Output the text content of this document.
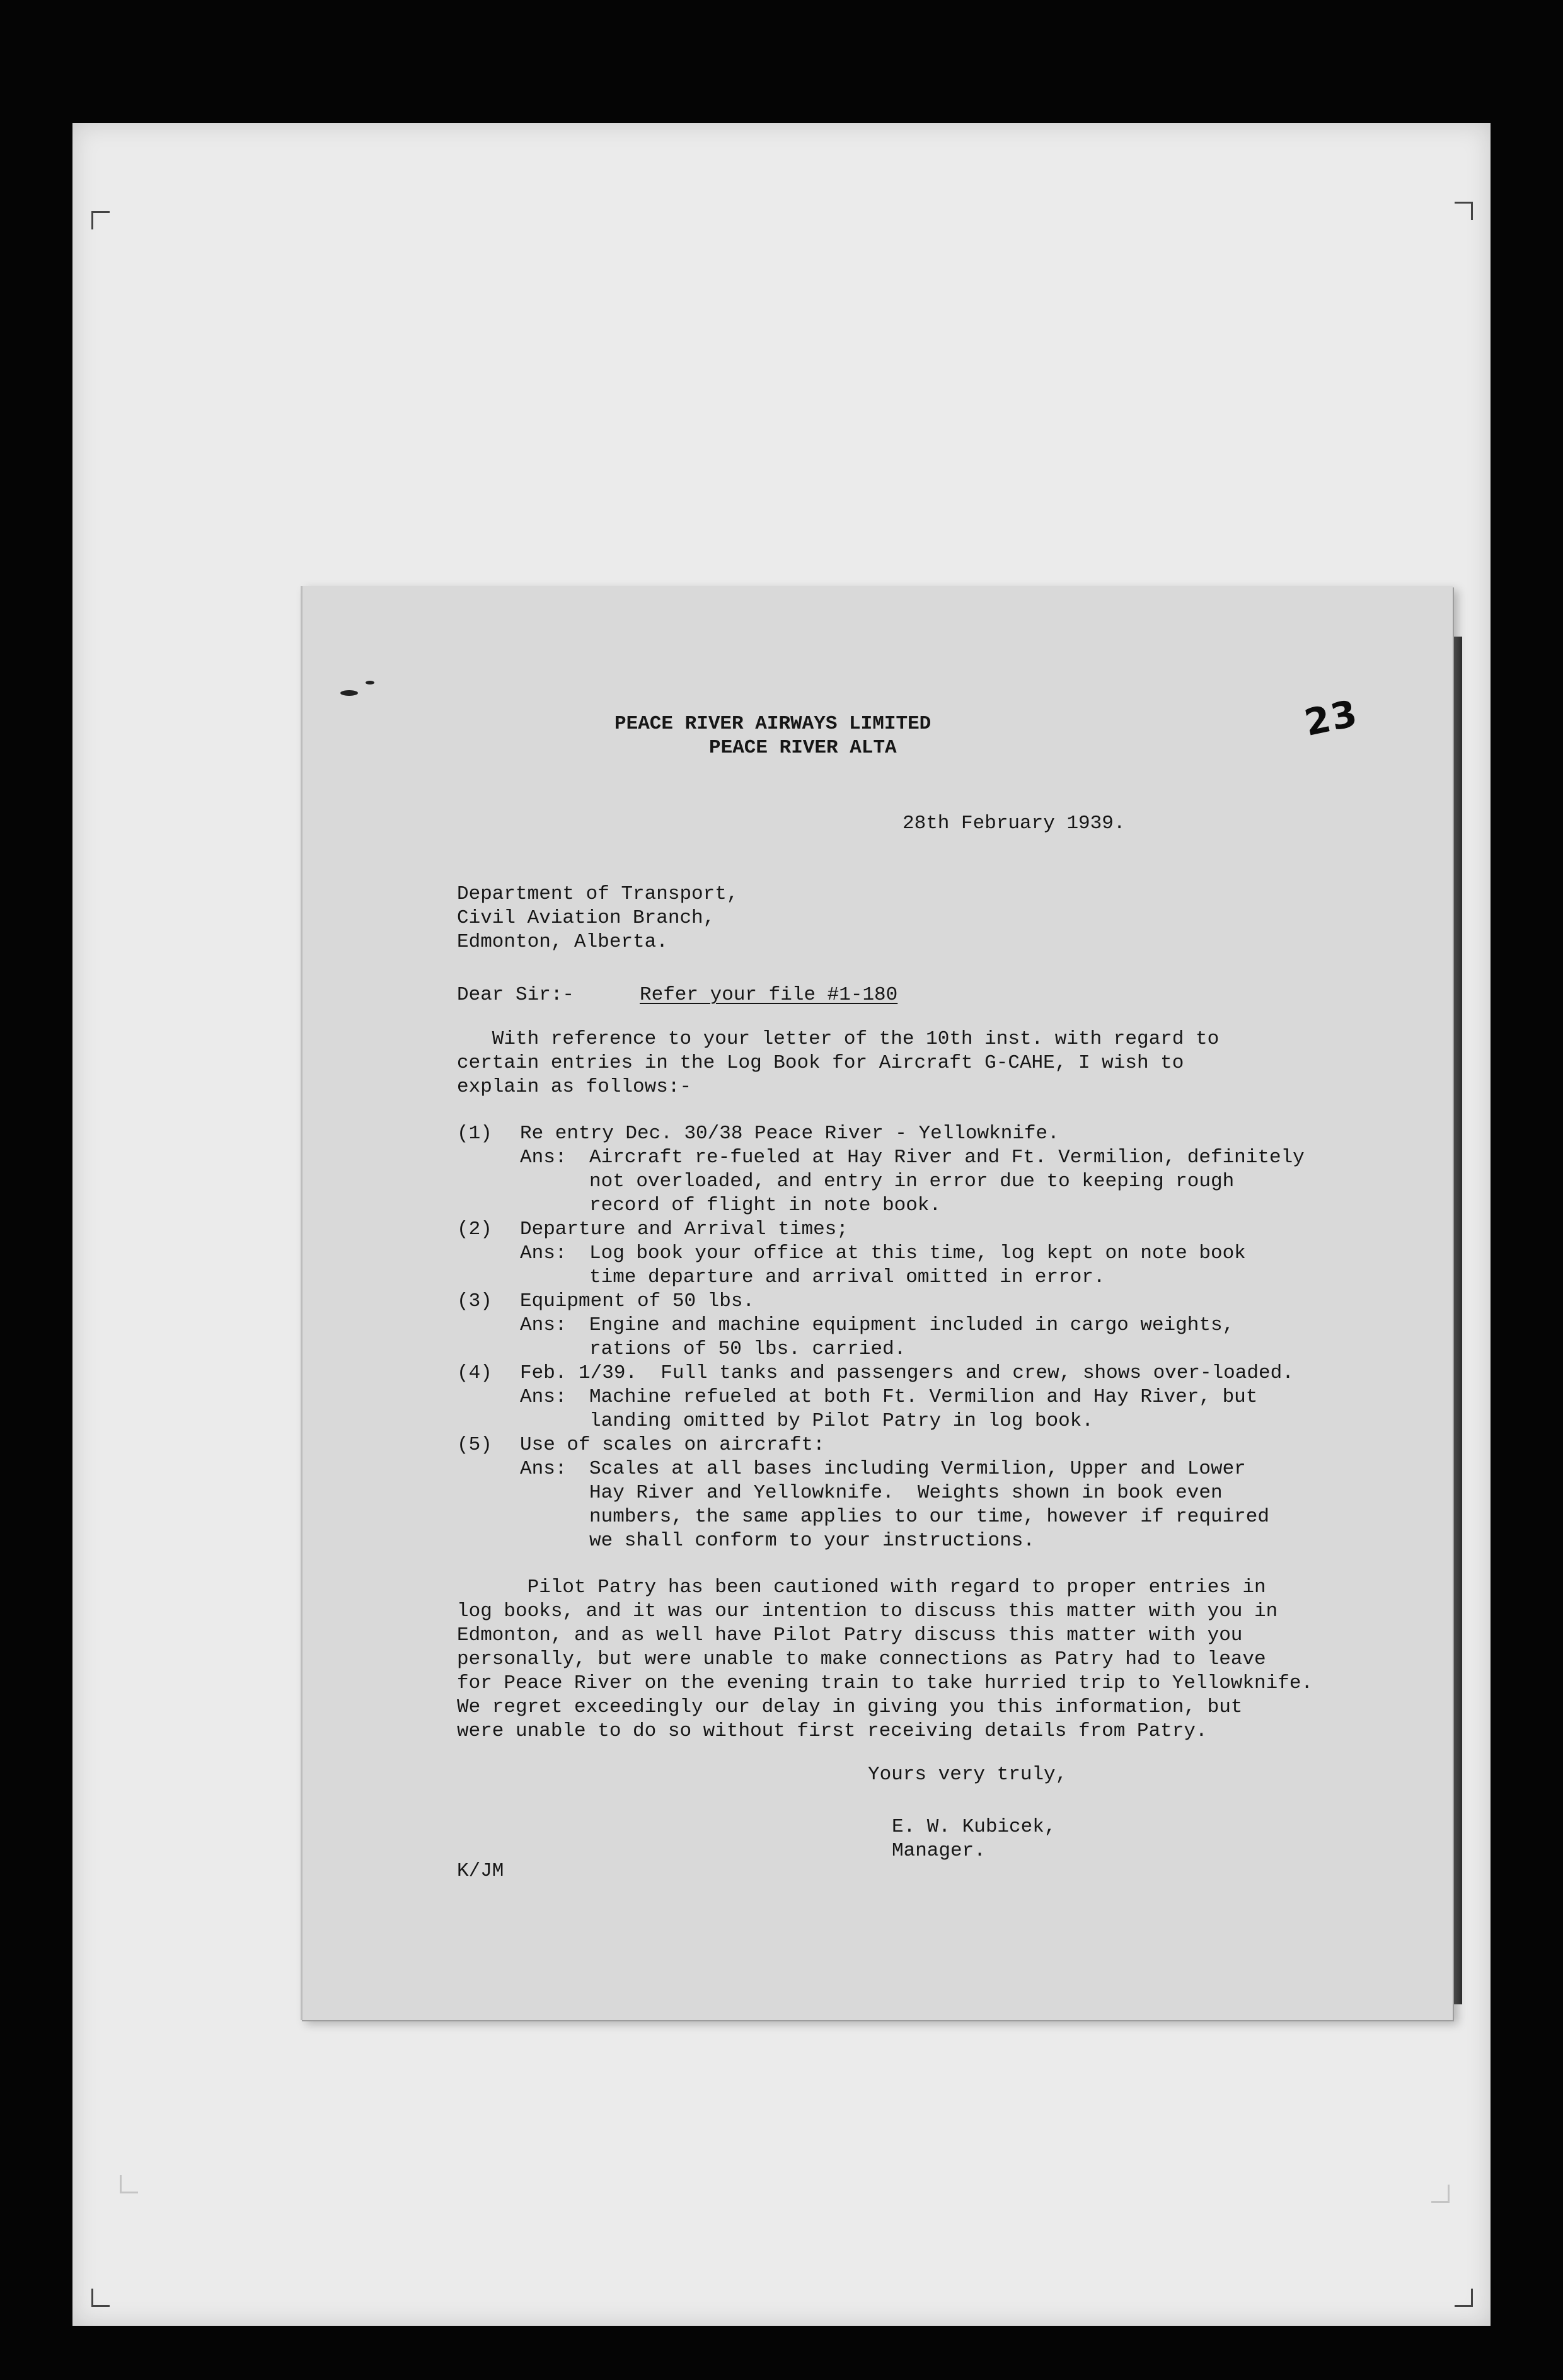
PEACE RIVER AIRWAYS LIMITED
PEACE RIVER ALTA
23
28th February 1939.
Department of Transport,
Civil Aviation Branch,
Edmonton, Alberta.
Dear Sir:-	Refer your file #1-180
With reference to your letter of the 10th inst. with regard to
certain entries in the Log Book for Aircraft G-CAHE, I wish to
explain as follows:-
(1) Re entry Dec. 30/38 Peace River - Yellowknife.
Ans: Aircraft re-fueled at Hay River and Ft. Vermilion, definitely
not overloaded, and entry in error due to keeping rough
record of flight in note book.
(2) Departure and Arrival times;
Ans: Log book your office at this time, log kept on note book
time departure and arrival omitted in error.
(3) Equipment of 50 lbs.
Ans: Engine and machine equipment included in cargo weights,
rations of 50 lbs. carried.
(4) Feb. 1/39.  Full tanks and passengers and crew, shows over-loaded.
Ans: Machine refueled at both Ft. Vermilion and Hay River, but
landing omitted by Pilot Patry in log book.
(5) Use of scales on aircraft:
Ans: Scales at all bases including Vermilion, Upper and Lower
Hay River and Yellowknife.  Weights shown in book even
numbers, the same applies to our time, however if required
we shall conform to your instructions.
Pilot Patry has been cautioned with regard to proper entries in
log books, and it was our intention to discuss this matter with you in
Edmonton, and as well have Pilot Patry discuss this matter with you
personally, but were unable to make connections as Patry had to leave
for Peace River on the evening train to take hurried trip to Yellowknife.
We regret exceedingly our delay in giving you this information, but
were unable to do so without first receiving details from Patry.
Yours very truly,
E. W. Kubicek,
Manager.
K/JM
